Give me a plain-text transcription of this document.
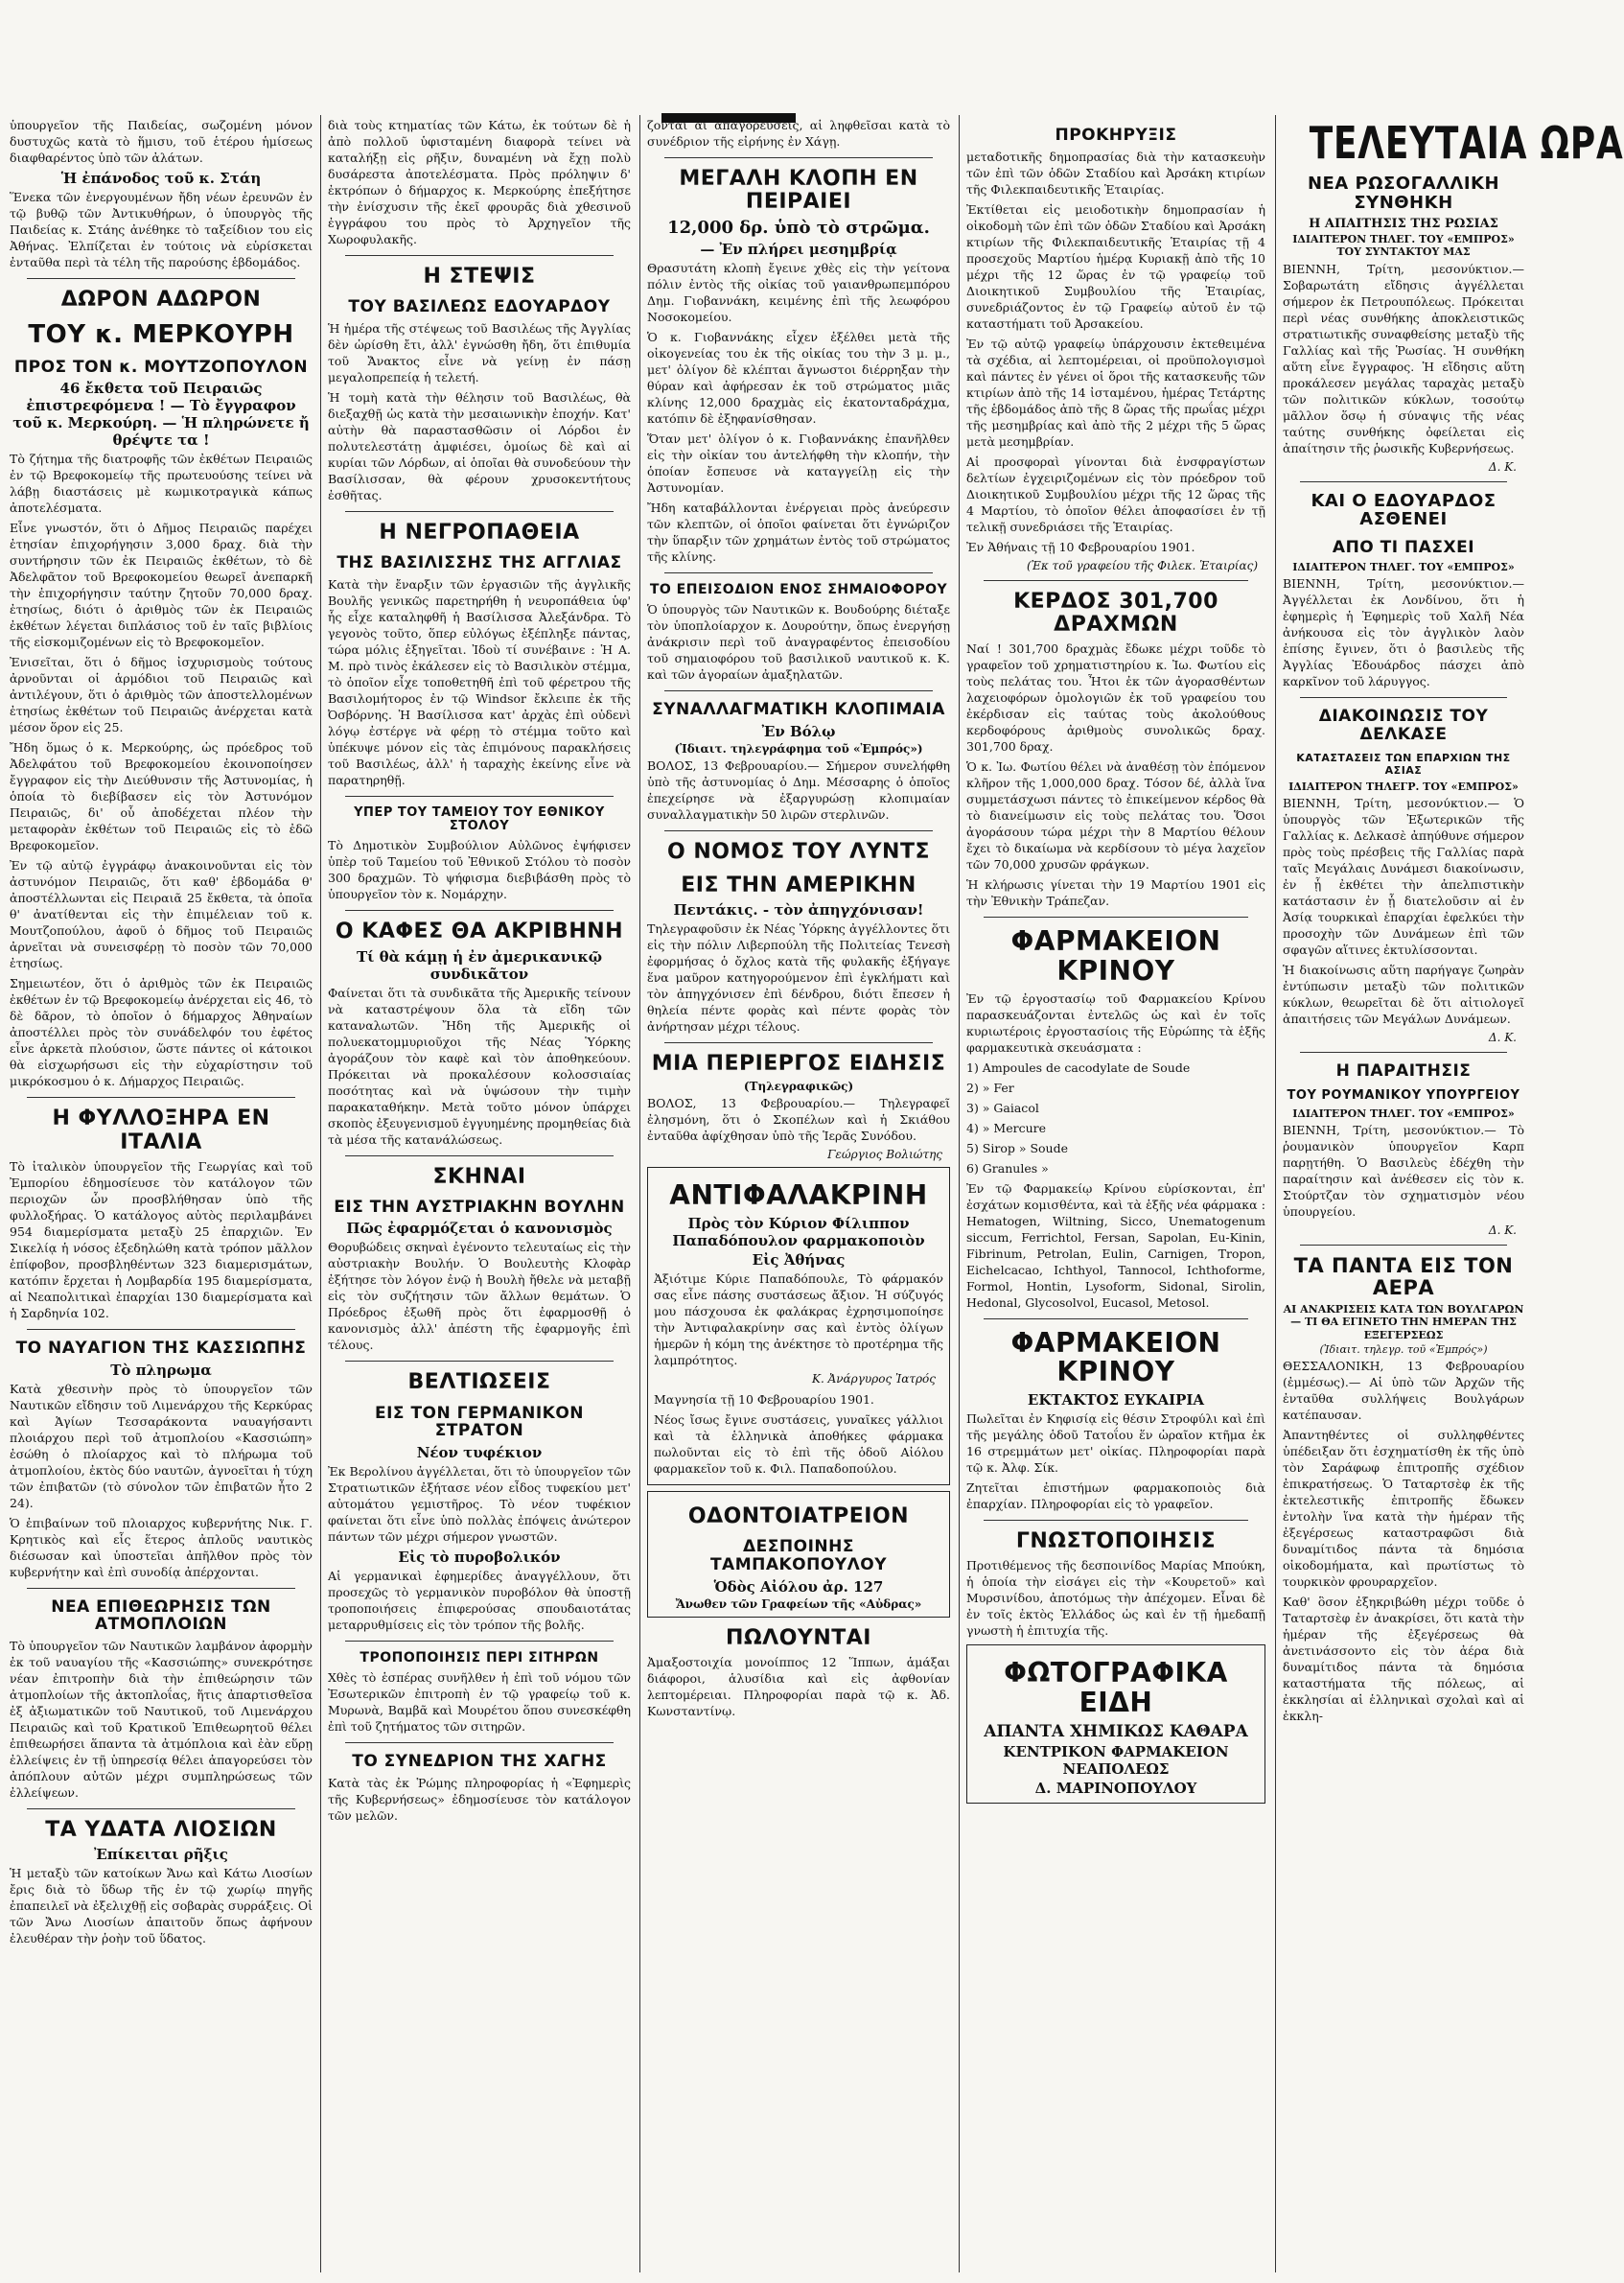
ὑπουργεῖον τῆς Παιδείας, σωζομένη μόνον δυστυχῶς κατὰ τὸ ἥμισυ, τοῦ ἑτέρου ἡμίσεως διαφθαρέντος ὑπὸ τῶν ἀλάτων.

Ἡ ἐπάνοδος τοῦ κ. Στάη

Ἕνεκα τῶν ἐνεργουμένων ἤδη νέων ἐρευνῶν ἐν τῷ βυθῷ τῶν Ἀντικυθήρων, ὁ ὑπουργὸς τῆς Παιδείας κ. Στάης ἀνέθηκε τὸ ταξείδιον του εἰς Ἀθήνας. Ἐλπίζεται ἐν τούτοις νὰ εὑρίσκεται ἐνταῦθα περὶ τὰ τέλη τῆς παρούσης ἑβδομάδος.

ΔΩΡΟΝ ΑΔΩΡΟΝ
ΤΟΥ κ. ΜΕΡΚΟΥΡΗ
ΠΡΟΣ ΤΟΝ κ. ΜΟΥΤΖΟΠΟΥΛΟΝ
46 ἔκθετα τοῦ Πειραιῶς ἐπιστρεφόμενα ! — Τὸ ἔγγραφον τοῦ κ. Μερκούρη. — Ἡ πληρώνετε ἤ θρέψτε τα !

Τὸ ζήτημα τῆς διατροφῆς τῶν ἐκθέτων Πειραιῶς ἐν τῷ Βρεφοκομείῳ τῆς πρωτευούσης τείνει νὰ λάβῃ διαστάσεις μὲ κωμικοτραγικὰ κάπως ἀποτελέσματα.

Εἶνε γνωστόν, ὅτι ὁ Δῆμος Πειραιῶς παρέχει ἐτησίαν ἐπιχορήγησιν 3,000 δραχ. διὰ τὴν συντήρησιν τῶν ἐκ Πειραιῶς ἐκθέτων, τὸ δὲ Ἀδελφᾶτον τοῦ Βρεφοκομείου θεωρεῖ ἀνεπαρκῆ τὴν ἐπιχορήγησιν ταύτην ζητοῦν 70,000 δραχ. ἐτησίως, διότι ὁ ἀριθμὸς τῶν ἐκ Πειραιῶς ἐκθέτων λέγεται διπλάσιος τοῦ ἐν ταῖς βιβλίοις τῆς εἰσκομιζομένων εἰς τὸ Βρεφοκομεῖον.

Ἐνισεῖται, ὅτι ὁ δῆμος ἰσχυρισμοὺς τούτους ἀρνοῦνται οἱ ἁρμόδιοι τοῦ Πειραιῶς καὶ ἀντιλέγουν, ὅτι ὁ ἀριθμὸς τῶν ἀποστελλομένων ἐτησίως ἐκθέτων τοῦ Πειραιῶς ἀνέρχεται κατὰ μέσον ὅρον εἰς 25.

Ἤδη ὅμως ὁ κ. Μερκούρης, ὡς πρόεδρος τοῦ Ἀδελφάτου τοῦ Βρεφοκομείου ἐκοινοποίησεν ἔγγραφον εἰς τὴν Διεύθυνσιν τῆς Ἀστυνομίας, ἡ ὁποία τὸ διεβίβασεν εἰς τὸν Ἀστυνόμον Πειραιῶς, δι' οὗ ἀποδέχεται πλέον τὴν μεταφορὰν ἐκθέτων τοῦ Πειραιῶς εἰς τὸ ἐδῶ Βρεφοκομεῖον.

Ἐν τῷ αὐτῷ ἐγγράφῳ ἀνακοινοῦνται εἰς τὸν ἀστυνόμον Πειραιῶς, ὅτι καθ' ἑβδομάδα θ' ἀποστέλλωνται εἰς Πειραιᾶ 25 ἔκθετα, τὰ ὁποῖα θ' ἀνατίθενται εἰς τὴν ἐπιμέλειαν τοῦ κ. Μουτζοπούλου, ἀφοῦ ὁ δῆμος τοῦ Πειραιῶς ἀρνεῖται νὰ συνεισφέρῃ τὸ ποσὸν τῶν 70,000 ἐτησίως.

Σημειωτέον, ὅτι ὁ ἀριθμὸς τῶν ἐκ Πειραιῶς ἐκθέτων ἐν τῷ Βρεφοκομείῳ ἀνέρχεται εἰς 46, τὸ δὲ δᾶρον, τὸ ὁποῖον ὁ δήμαρχος Ἀθηναίων ἀποστέλλει πρὸς τὸν συνάδελφόν του ἐφέτος εἶνε ἀρκετὰ πλούσιον, ὥστε πάντες οἱ κάτοικοι θὰ εἰσχωρήσωσι εἰς τὴν εὐχαρίστησιν τοῦ μικρόκοσμου ὁ κ. Δήμαρχος Πειραιῶς.

Η ΦΥΛΛΟΞΗΡΑ ΕΝ ΙΤΑΛΙΑ

Τὸ ἰταλικὸν ὑπουργεῖον τῆς Γεωργίας καὶ τοῦ Ἐμπορίου ἐδημοσίευσε τὸν κατάλογον τῶν περιοχῶν ὧν προσβλήθησαν ὑπὸ τῆς φυλλοξήρας. Ὁ κατάλογος αὐτὸς περιλαμβάνει 954 διαμερίσματα μεταξὺ 25 ἐπαρχιῶν. Ἐν Σικελίᾳ ἡ νόσος ἐξεδηλώθη κατὰ τρόπον μᾶλλον ἐπίφοβον, προσβληθέντων 323 διαμερισμάτων, κατόπιν ἔρχεται ἡ Λομβαρδία 195 διαμερίσματα, αἱ Νεαπολιτικαὶ ἐπαρχίαι 130 διαμερίσματα καὶ ἡ Σαρδηνία 102.

ΤΟ ΝΑΥΑΓΙΟΝ ΤΗΣ ΚΑΣΣΙΩΠΗΣ
Τὸ πληρωμα

Κατὰ χθεσινὴν πρὸς τὸ ὑπουργεῖον τῶν Ναυτικῶν εἴδησιν τοῦ Λιμενάρχου τῆς Κερκύρας καὶ Ἁγίων Τεσσαράκοντα ναυαγήσαντι πλοιάρχου περὶ τοῦ ἀτμοπλοίου «Κασσιώπη» ἐσώθη ὁ πλοίαρχος καὶ τὸ πλήρωμα τοῦ ἀτμοπλοίου, ἐκτὸς δύο ναυτῶν, ἀγνοεῖται ἡ τύχη τῶν ἐπιβατῶν (τὸ σύνολον τῶν ἐπιβατῶν ἦτο 2 24).

Ὁ ἐπιβαίνων τοῦ πλοιαρχος κυβερνήτης Νικ. Γ. Κρητικὸς καὶ εἷς ἕτερος ἀπλοῦς ναυτικὸς διέσωσαν καὶ ὑποστεῖαι ἀπῆλθον πρὸς τὸν κυβερνήτην καὶ ἐπὶ συνοδίᾳ ἀπέρχονται.

ΝΕΑ ΕΠΙΘΕΩΡΗΣΙΣ ΤΩΝ ΑΤΜΟΠΛΟΙΩΝ

Τὸ ὑπουργεῖον τῶν Ναυτικῶν λαμβάνον ἀφορμὴν ἐκ τοῦ ναυαγίου τῆς «Κασσιώπης» συνεκρότησε νέαν ἐπιτροπὴν διὰ τὴν ἐπιθεώρησιν τῶν ἀτμοπλοίων τῆς ἀκτοπλοΐας, ἥτις ἀπαρτισθεῖσα ἐξ ἀξιωματικῶν τοῦ Ναυτικοῦ, τοῦ Λιμενάρχου Πειραιῶς καὶ τοῦ Κρατικοῦ Ἐπιθεωρητοῦ θέλει ἐπιθεωρήσει ἅπαντα τὰ ἀτμόπλοια καὶ ἐὰν εὕρῃ ἐλλείψεις ἐν τῇ ὑπηρεσίᾳ θέλει ἀπαγορεύσει τὸν ἀπόπλουν αὐτῶν μέχρι συμπληρώσεως τῶν ἐλλείψεων.

ΤΑ ΥΔΑΤΑ ΛΙΟΣΙΩΝ
Ἐπίκειται ρῆξις

Ἡ μεταξὺ τῶν κατοίκων Ἄνω καὶ Κάτω Λιοσίων ἔρις διὰ τὸ ὕδωρ τῆς ἐν τῷ χωρίῳ πηγῆς ἐπαπειλεῖ νὰ ἐξελιχθῇ εἰς σοβαρὰς συρράξεις. Οἱ τῶν Ἄνω Λιοσίων ἀπαιτοῦν ὅπως ἀφήνουν ἐλευθέραν τὴν ῥοὴν τοῦ ὕδατος.

διὰ τοὺς κτηματίας τῶν Κάτω, ἐκ τούτων δὲ ἡ ἀπὸ πολλοῦ ὑφισταμένη διαφορὰ τείνει νὰ καταλήξῃ εἰς ρῆξιν, δυναμένη νὰ ἔχῃ πολὺ δυσάρεστα ἀποτελέσματα. Πρὸς πρόληψιν δ' ἐκτρόπων ὁ δήμαρχος κ. Μερκούρης ἐπεξήτησε τὴν ἐνίσχυσιν τῆς ἐκεῖ φρουρᾶς διὰ χθεσινοῦ ἐγγράφου του πρὸς τὸ Ἀρχηγεῖον τῆς Χωροφυλακῆς.

Η ΣΤΕΨΙΣ
ΤΟΥ ΒΑΣΙΛΕΩΣ ΕΔΟΥΑΡΔΟΥ

Ἡ ἡμέρα τῆς στέψεως τοῦ Βασιλέως τῆς Ἀγγλίας δὲν ὡρίσθη ἔτι, ἀλλ' ἐγνώσθη ἤδη, ὅτι ἐπιθυμία τοῦ Ἄνακτος εἶνε νὰ γείνῃ ἐν πάσῃ μεγαλοπρεπείᾳ ἡ τελετή.

Ἡ τομὴ κατὰ τὴν θέλησιν τοῦ Βασιλέως, θὰ διεξαχθῇ ὡς κατὰ τὴν μεσαιωνικὴν ἐποχήν. Κατ' αὐτὴν θὰ παραστασθῶσιν οἱ Λόρδοι ἐν πολυτελεστάτῃ ἀμφιέσει, ὁμοίως δὲ καὶ αἱ κυρίαι τῶν Λόρδων, αἱ ὁποῖαι θὰ συνοδεύουν τὴν Βασίλισσαν, θὰ φέρουν χρυσοκεντήτους ἐσθῆτας.

Η ΝΕΓΡΟΠΑΘΕΙΑ
ΤΗΣ ΒΑΣΙΛΙΣΣΗΣ ΤΗΣ ΑΓΓΛΙΑΣ

Κατὰ τὴν ἔναρξιν τῶν ἐργασιῶν τῆς ἀγγλικῆς Βουλῆς γενικῶς παρετηρήθη ἡ νευροπάθεια ὑφ' ἧς εἶχε καταληφθῆ ἡ Βασίλισσα Ἀλεξάνδρα. Τὸ γεγονὸς τοῦτο, ὅπερ εὐλόγως ἐξέπληξε πάντας, τώρα μόλις ἐξηγεῖται. Ἰδοὺ τί συνέβαινε : Ἡ Α. Μ. πρὸ τινὸς ἐκάλεσεν εἰς τὸ Βασιλικὸν στέμμα, τὸ ὁποῖον εἶχε τοποθετηθῆ ἐπὶ τοῦ φέρετρου τῆς Βασιλομήτορος ἐν τῷ Windsor ἔκλειπε ἐκ τῆς Ὀσβόρνης. Ἡ Βασίλισσα κατ' ἀρχὰς ἐπὶ οὐδενὶ λόγῳ ἐστέργε νὰ φέρῃ τὸ στέμμα τοῦτο καὶ ὑπέκυψε μόνον εἰς τὰς ἐπιμόνους παρακλήσεις τοῦ Βασιλέως, ἀλλ' ἡ ταραχὴς ἐκείνης εἶνε νὰ παρατηρηθῇ.

ΥΠΕΡ ΤΟΥ ΤΑΜΕΙΟΥ ΤΟΥ ΕΘΝΙΚΟΥ ΣΤΟΛΟΥ

Τὸ Δημοτικὸν Συμβούλιον Αὐλῶνος ἐψήφισεν ὑπὲρ τοῦ Ταμείου τοῦ Ἐθνικοῦ Στόλου τὸ ποσὸν 300 δραχμῶν. Τὸ ψήφισμα διεβιβάσθη πρὸς τὸ ὑπουργεῖον τὸν κ. Νομάρχην.

Ο ΚΑΦΕΣ ΘΑ ΑΚΡΙΒΗΝΗ
Τί θὰ κάμῃ ἡ ἐν ἀμερικανικῷ συνδικᾶτον

Φαίνεται ὅτι τὰ συνδικᾶτα τῆς Ἀμερικῆς τείνουν νὰ καταστρέψουν ὅλα τὰ εἴδη τῶν καταναλωτῶν. Ἤδη τῆς Ἀμερικῆς οἱ πολυεκατομμυριοῦχοι τῆς Νέας Ὑόρκης ἀγοράζουν τὸν καφὲ καὶ τὸν ἀποθηκεύουν. Πρόκειται νὰ προκαλέσουν κολοσσιαίας ποσότητας καὶ νὰ ὑψώσουν τὴν τιμὴν παρακαταθήκην. Μετὰ τοῦτο μόνον ὑπάρχει σκοπὸς ἐξευγενισμοῦ ἐγγυημένης προμηθείας διὰ τὰ μέσα τῆς κατανάλώσεως.

ΣΚΗΝΑΙ
ΕΙΣ ΤΗΝ ΑΥΣΤΡΙΑΚΗΝ ΒΟΥΛΗΝ
Πῶς ἐφαρμόζεται ὁ κανονισμὸς

Θορυβώδεις σκηναὶ ἐγένοντο τελευταίως εἰς τὴν αὐστριακὴν Βουλήν. Ὁ Βουλευτὴς Κλοφὰρ ἐξήτησε τὸν λόγον ἐνῷ ἡ Βουλὴ ἤθελε νὰ μεταβῇ εἰς τὸν συζήτησιν τῶν ἄλλων θεμάτων. Ὁ Πρόεδρος ἐξωθῆ πρὸς ὅτι ἐφαρμοσθῇ ὁ κανονισμὸς ἀλλ' ἀπέστη τῆς ἐφαρμογῆς ἐπὶ τέλους.

ΒΕΛΤΙΩΣΕΙΣ
ΕΙΣ ΤΟΝ ΓΕΡΜΑΝΙΚΟΝ ΣΤΡΑΤΟΝ
Νέον τυφέκιον

Ἐκ Βερολίνου ἀγγέλλεται, ὅτι τὸ ὑπουργεῖον τῶν Στρατιωτικῶν ἐξήτασε νέον εἶδος τυφεκίου μετ' αὐτομάτου γεμιστῆρος. Τὸ νέον τυφέκιον φαίνεται ὅτι εἶνε ὑπὸ πολλὰς ἐπόψεις ἀνώτερον πάντων τῶν μέχρι σήμερον γνωστῶν.

Εἰς τὸ πυροβολικόν

Αἱ γερμανικαὶ ἐφημερίδες ἀναγγέλλουν, ὅτι προσεχῶς τὸ γερμανικὸν πυροβόλον θὰ ὑποστῇ τροποποιήσεις ἐπιφερούσας σπουδαιοτάτας μεταρρυθμίσεις εἰς τὸν τρόπον τῆς βολῆς.

ΤΡΟΠΟΠΟΙΗΣΙΣ ΠΕΡΙ ΣΙΤΗΡΩΝ

Χθὲς τὸ ἑσπέρας συνῆλθεν ἡ ἐπὶ τοῦ νόμου τῶν Ἐσωτερικῶν ἐπιτροπὴ ἐν τῷ γραφείῳ τοῦ κ. Μυρωνὰ, Βαμβᾶ καὶ Μουρέτου ὅπου συνεσκέφθη ἐπὶ τοῦ ζητήματος τῶν σιτηρῶν.

ΤΟ ΣΥΝΕΔΡΙΟΝ ΤΗΣ ΧΑΓΗΣ

Κατὰ τὰς ἐκ Ῥώμης πληροφορίας ἡ «Ἐφημερὶς τῆς Κυβερνήσεως» ἐδημοσίευσε τὸν κατάλογον τῶν μελῶν.

ζονται αἱ ἀπαγορεύσεις, αἱ ληφθεῖσαι κατὰ τὸ συνέδριον τῆς εἰρήνης ἐν Χάγῃ.

ΜΕΓΑΛΗ ΚΛΟΠΗ ΕΝ ΠΕΙΡΑΙΕΙ
12,000 δρ. ὑπὸ τὸ στρῶμα.
— Ἐν πλήρει μεσημβρίᾳ

Θρασυτάτη κλοπὴ ἔγεινε χθὲς εἰς τὴν γείτονα πόλιν ἐντὸς τῆς οἰκίας τοῦ γαιανθρωπεμπόρου Δημ. Γιοβαννάκη, κειμένης ἐπὶ τῆς λεωφόρου Νοσοκομείου.

Ὁ κ. Γιοβαννάκης εἶχεν ἐξέλθει μετὰ τῆς οἰκογενείας του ἐκ τῆς οἰκίας του τὴν 3 μ. μ., μετ' ὀλίγον δὲ κλέπται ἄγνωστοι διέρρηξαν τὴν θύραν καὶ ἀφήρεσαν ἐκ τοῦ στρώματος μιᾶς κλίνης 12,000 δραχμὰς εἰς ἑκατονταδράχμα, κατόπιν δὲ ἐξηφανίσθησαν.

Ὅταν μετ' ὀλίγον ὁ κ. Γιοβαννάκης ἐπανῆλθεν εἰς τὴν οἰκίαν του ἀντελήφθη τὴν κλοπήν, τὴν ὁποίαν ἔσπευσε νὰ καταγγείλῃ εἰς τὴν Ἀστυνομίαν.

Ἤδη καταβάλλονται ἐνέργειαι πρὸς ἀνεύρεσιν τῶν κλεπτῶν, οἱ ὁποῖοι φαίνεται ὅτι ἐγνώριζον τὴν ὕπαρξιν τῶν χρημάτων ἐντὸς τοῦ στρώματος τῆς κλίνης.

ΤΟ ΕΠΕΙΣΟΔΙΟΝ ΕΝΟΣ ΣΗΜΑΙΟΦΟΡΟΥ

Ὁ ὑπουργὸς τῶν Ναυτικῶν κ. Βουδούρης διέταξε τὸν ὑποπλοίαρχον κ. Δουρούτην, ὅπως ἐνεργήσῃ ἀνάκρισιν περὶ τοῦ ἀναγραφέντος ἐπεισοδίου τοῦ σημαιοφόρου τοῦ βασιλικοῦ ναυτικοῦ κ. Κ. καὶ τῶν ἀγοραίων ἀμαξηλατῶν.

ΣΥΝΑΛΛΑΓΜΑΤΙΚΗ ΚΛΟΠΙΜΑΙΑ
Ἐν Βόλῳ
(Ἰδιαιτ. τηλεγράφημα τοῦ «Ἐμπρός»)

ΒΟΛΟΣ, 13 Φεβρουαρίου.— Σήμερον συνελήφθη ὑπὸ τῆς ἀστυνομίας ὁ Δημ. Μέσσαρης ὁ ὁποῖος ἐπεχείρησε νὰ ἐξαργυρώσῃ κλοπιμαίαν συναλλαγματικὴν 50 λιρῶν στερλινῶν.

Ο ΝΟΜΟΣ ΤΟΥ ΛΥΝΤΣ
ΕΙΣ ΤΗΝ ΑΜΕΡΙΚΗΝ
Πεντάκις. - τὸν ἀπηγχόνισαν!

Τηλεγραφοῦσιν ἐκ Νέας Ὑόρκης ἀγγέλλοντες ὅτι εἰς τὴν πόλιν Λιβερπούλη τῆς Πολιτείας Τενεσὴ ἐφορμήσας ὁ ὄχλος κατὰ τῆς φυλακῆς ἐξήγαγε ἕνα μαῦρον κατηγορούμενον ἐπὶ ἐγκλήματι καὶ τὸν ἀπηγχόνισεν ἐπὶ δένδρου, διότι ἔπεσεν ἡ θηλεία πέντε φορὰς καὶ πέντε φορὰς τὸν ἀνήρτησαν μέχρι τέλους.

ΜΙΑ ΠΕΡΙΕΡΓΟΣ ΕΙΔΗΣΙΣ
(Τηλεγραφικῶς)

ΒΟΛΟΣ, 13 Φεβρουαρίου.— Τηλεγραφεῖ ἐλησμόνη, ὅτι ὁ Σκοπέλων καὶ ἡ Σκιάθου ἐνταῦθα ἀφίχθησαν ὑπὸ τῆς Ἱερᾶς Συνόδου.

Γεώργιος Βολιώτης
ΑΝΤΙΦΑΛΑΚΡΙΝΗ
Πρὸς τὸν Κύριον Φίλιππον Παπαδόπουλον φαρμακοποιὸν
Εἰς Ἀθήνας

Ἀξιότιμε Κύριε Παπαδόπουλε, Τὸ φάρμακόν σας εἶνε πάσης συστάσεως ἄξιον. Ἡ σύζυγός μου πάσχουσα ἐκ φαλάκρας ἐχρησιμοποίησε τὴν Ἀντιφαλακρίνην σας καὶ ἐντὸς ὀλίγων ἡμερῶν ἡ κόμη της ἀνέκτησε τὸ προτέρημα τῆς λαμπρότητος.

Κ. Ἀνάργυρος Ἰατρός

Μαγνησία τῇ 10 Φεβρουαρίου 1901.

Νέος ἴσως ἔγινε συστάσεις, γυναῖκες γάλλιοι καὶ τὰ ἑλληνικὰ ἀποθήκες φάρμακα πωλοῦνται εἰς τὸ ἐπὶ τῆς ὁδοῦ Αἰόλου φαρμακεῖον τοῦ κ. Φιλ. Παπαδοπούλου.

ΟΔΟΝΤΟΙΑΤΡΕΙΟΝ
ΔΕΣΠΟΙΝΗΣ ΤΑΜΠΑΚΟΠΟΥΛΟΥ
Ὁδὸς Αἰόλου ἀρ. 127
Ἄνωθεν τῶν Γραφείων τῆς «Αὐδρας»
ΠΩΛΟΥΝΤΑΙ

Ἀμαξοστοιχία μονοίππος 12 Ἵππων, ἁμάξαι διάφοροι, ἁλυσίδια καὶ εἰς ἀφθονίαν λεπτομέρειαι. Πληροφορίαι παρὰ τῷ κ. Ἀδ. Κωνσταντίνῳ.

ΠΡΟΚΗΡΥΞΙΣ

μεταδοτικῆς δημοπρασίας διὰ τὴν κατασκευὴν τῶν ἐπὶ τῶν ὁδῶν Σταδίου καὶ Ἀρσάκη κτιρίων τῆς Φιλεκπαιδευτικῆς Ἑταιρίας.

Ἐκτίθεται εἰς μειοδοτικὴν δημοπρασίαν ἡ οἰκοδομὴ τῶν ἐπὶ τῶν ὁδῶν Σταδίου καὶ Ἀρσάκη κτιρίων τῆς Φιλεκπαιδευτικῆς Ἑταιρίας τῇ 4 προσεχοῦς Μαρτίου ἡμέρᾳ Κυριακῇ ἀπὸ τῆς 10 μέχρι τῆς 12 ὥρας ἐν τῷ γραφείῳ τοῦ Διοικητικοῦ Συμβουλίου τῆς Ἑταιρίας, συνεδριάζοντος ἐν τῷ Γραφείῳ αὐτοῦ ἐν τῷ καταστήματι τοῦ Ἀρσακείου.

Ἐν τῷ αὐτῷ γραφείῳ ὑπάρχουσιν ἐκτεθειμένα τὰ σχέδια, αἱ λεπτομέρειαι, οἱ προϋπολογισμοὶ καὶ πάντες ἐν γένει οἱ ὅροι τῆς κατασκευῆς τῶν κτιρίων ἀπὸ τῆς 14 ἰσταμένου, ἡμέρας Τετάρτης τῆς ἑβδομάδος ἀπὸ τῆς 8 ὥρας τῆς πρωΐας μέχρι τῆς μεσημβρίας καὶ ἀπὸ τῆς 2 μέχρι τῆς 5 ὥρας μετὰ μεσημβρίαν.

Αἱ προσφοραὶ γίνονται διὰ ἐνσφραγίστων δελτίων ἐγχειριζομένων εἰς τὸν πρόεδρον τοῦ Διοικητικοῦ Συμβουλίου μέχρι τῆς 12 ὥρας τῆς 4 Μαρτίου, τὸ ὁποῖον θέλει ἀποφασίσει ἐν τῇ τελικῇ συνεδριάσει τῆς Ἑταιρίας.

Ἐν Ἀθήναις τῇ 10 Φεβρουαρίου 1901.

(Ἐκ τοῦ γραφείου τῆς Φιλεκ. Ἑταιρίας)
ΚΕΡΔΟΣ 301,700 ΔΡΑΧΜΩΝ

Ναί ! 301,700 δραχμὰς ἔδωκε μέχρι τοῦδε τὸ γραφεῖον τοῦ χρηματιστηρίου κ. Ἰω. Φωτίου εἰς τοὺς πελάτας του. Ἦτοι ἐκ τῶν ἀγορασθέντων λαχειοφόρων ὁμολογιῶν ἐκ τοῦ γραφείου του ἐκέρδισαν εἰς ταύτας τοὺς ἀκολούθους κερδοφόρους ἀριθμοὺς συνολικῶς δραχ. 301,700 δραχ.

Ὁ κ. Ἰω. Φωτίου θέλει νὰ ἀναθέσῃ τὸν ἐπόμενον κλῆρον τῆς 1,000,000 δραχ. Τόσον δέ, ἀλλὰ ἵνα συμμετάσχωσι πάντες τὸ ἐπικείμενον κέρδος θὰ τὸ διανείμωσιν εἰς τοὺς πελάτας του. Ὅσοι ἀγοράσουν τώρα μέχρι τὴν 8 Μαρτίου θέλουν ἔχει τὸ δικαίωμα νὰ κερδίσουν τὸ μέγα λαχεῖον τῶν 70,000 χρυσῶν φράγκων.

Ἡ κλήρωσις γίνεται τὴν 19 Μαρτίου 1901 εἰς τὴν Ἐθνικὴν Τράπεζαν.

ΦΑΡΜΑΚΕΙΟΝ ΚΡΙΝΟΥ

Ἐν τῷ ἐργοστασίῳ τοῦ Φαρμακείου Κρίνου παρασκευάζονται ἐντελῶς ὡς καὶ ἐν τοῖς κυριωτέροις ἐργοστασίοις τῆς Εὐρώπης τὰ ἑξῆς φαρμακευτικὰ σκευάσματα :

1) Ampoules de cacodylate de Soude
2) » Fer
3) » Gaiacol
4) » Mercure
5) Sirop » Soude
6) Granules »

Ἐν τῷ Φαρμακείῳ Κρίνου εὑρίσκονται, ἐπ' ἐσχάτων κομισθέντα, καὶ τὰ ἑξῆς νέα φάρμακα : Hematogen, Wiltning, Sicco, Unematogenum siccum, Ferrichtol, Fersan, Sapolan, Eu-Kinin, Fibrinum, Petrolan, Eulin, Carnigen, Tropon, Eichelcacao, Ichthyol, Tannocol, Ichthoforme, Formol, Hontin, Lysoform, Sidonal, Sirolin, Hedonal, Glycosolvol, Eucasol, Metosol.

ΦΑΡΜΑΚΕΙΟΝ ΚΡΙΝΟΥ
ΕΚΤΑΚΤΟΣ ΕΥΚΑΙΡΙΑ

Πωλεῖται ἐν Κηφισίᾳ εἰς θέσιν Στροφύλι καὶ ἐπὶ τῆς μεγάλης ὁδοῦ Τατοΐου ἕν ὡραῖον κτῆμα ἐκ 16 στρεμμάτων μετ' οἰκίας. Πληροφορίαι παρὰ τῷ κ. Ἀλφ. Σίκ.

Ζητεῖται ἐπιστήμων φαρμακοποιὸς διὰ ἐπαρχίαν. Πληροφορίαι εἰς τὸ γραφεῖον.

ΓΝΩΣΤΟΠΟΙΗΣΙΣ

Προτιθέμενος τῆς δεσποινίδος Μαρίας Μπούκη, ἡ ὁποία τὴν εἰσάγει εἰς τὴν «Κουρετοῦ» καὶ Μυρσινίδου, ἀποτόμως τὴν ἀπέχομεν. Εἶναι δὲ ἐν τοῖς ἐκτὸς Ἑλλάδος ὡς καὶ ἐν τῇ ἡμεδαπῇ γνωστὴ ἡ ἐπιτυχία τῆς.

ΦΩΤΟΓΡΑΦΙΚΑ ΕΙΔΗ
ΑΠΑΝΤΑ ΧΗΜΙΚΩΣ ΚΑΘΑΡΑ
ΚΕΝΤΡΙΚΟΝ ΦΑΡΜΑΚΕΙΟΝ ΝΕΑΠΟΛΕΩΣ
Δ. ΜΑΡΙΝΟΠΟΥΛΟΥ
ΤΕΛΕΥΤΑΙΑ ΩΡΑ
ΝΕΑ ΡΩΣΟΓΑΛΛΙΚΗ ΣΥΝΘΗΚΗ
Η ΑΠΑΙΤΗΣΙΣ ΤΗΣ ΡΩΣΙΑΣ
ΙΔΙΑΙΤΕΡΟΝ ΤΗΛΕΓ. ΤΟΥ «ΕΜΠΡΟΣ» ΤΟΥ ΣΥΝΤΑΚΤΟΥ ΜΑΣ

ΒΙΕΝΝΗ, Τρίτη, μεσονύκτιον.— Σοβαρωτάτη εἴδησις ἀγγέλλεται σήμερον ἐκ Πετρουπόλεως. Πρόκειται περὶ νέας συνθήκης ἀποκλειστικῶς στρατιωτικῆς συναφθείσης μεταξὺ τῆς Γαλλίας καὶ τῆς Ῥωσίας. Ἡ συνθήκη αὕτη εἶνε ἔγγραφος. Ἡ εἴδησις αὕτη προκάλεσεν μεγάλας ταραχὰς μεταξὺ τῶν πολιτικῶν κύκλων, τοσούτῳ μᾶλλον ὅσῳ ἡ σύναψις τῆς νέας ταύτης συνθήκης ὀφείλεται εἰς ἀπαίτησιν τῆς ῥωσικῆς Κυβερνήσεως.

Δ. Κ.
ΚΑΙ Ο ΕΔΟΥΑΡΔΟΣ ΑΣΘΕΝΕΙ
ΑΠΟ ΤΙ ΠΑΣΧΕΙ
ΙΔΙΑΙΤΕΡΟΝ ΤΗΛΕΓ. ΤΟΥ «ΕΜΠΡΟΣ»

ΒΙΕΝΝΗ, Τρίτη, μεσονύκτιον.— Ἀγγέλλεται ἐκ Λονδίνου, ὅτι ἡ ἐφημερὶς ἡ Ἐφημερὶς τοῦ Χαλῆ Νέα ἀνήκουσα εἰς τὸν ἀγγλικὸν λαὸν ἐπίσης ἔγινεν, ὅτι ὁ βασιλεὺς τῆς Ἀγγλίας Ἐδουάρδος πάσχει ἀπὸ καρκῖνον τοῦ λάρυγγος.

ΔΙΑΚΟΙΝΩΣΙΣ ΤΟΥ ΔΕΛΚΑΣΕ
ΚΑΤΑΣΤΑΣΕΙΣ ΤΩΝ ΕΠΑΡΧΙΩΝ ΤΗΣ ΑΣΙΑΣ
ΙΔΙΑΙΤΕΡΟΝ ΤΗΛΕΓΡ. ΤΟΥ «ΕΜΠΡΟΣ»

ΒΙΕΝΝΗ, Τρίτη, μεσονύκτιον.— Ὁ ὑπουργὸς τῶν Ἐξωτερικῶν τῆς Γαλλίας κ. Δελκασὲ ἀπηύθυνε σήμερον πρὸς τοὺς πρέσβεις τῆς Γαλλίας παρὰ ταῖς Μεγάλαις Δυνάμεσι διακοίνωσιν, ἐν ᾗ ἐκθέτει τὴν ἀπελπιστικὴν κατάστασιν ἐν ᾗ διατελοῦσιν αἱ ἐν Ἀσίᾳ τουρκικαὶ ἐπαρχίαι ἐφελκύει τὴν προσοχὴν τῶν Δυνάμεων ἐπὶ τῶν σφαγῶν αἵτινες ἐκτυλίσσονται.

Ἡ διακοίνωσις αὕτη παρήγαγε ζωηρὰν ἐντύπωσιν μεταξὺ τῶν πολιτικῶν κύκλων, θεωρεῖται δὲ ὅτι αἰτιολογεῖ ἀπαιτήσεις τῶν Μεγάλων Δυνάμεων.

Δ. Κ.
Η ΠΑΡΑΙΤΗΣΙΣ
ΤΟΥ ΡΟΥΜΑΝΙΚΟΥ ΥΠΟΥΡΓΕΙΟΥ
ΙΔΙΑΙΤΕΡΟΝ ΤΗΛΕΓ. ΤΟΥ «ΕΜΠΡΟΣ»

ΒΙΕΝΝΗ, Τρίτη, μεσονύκτιον.— Τὸ ῥουμανικὸν ὑπουργεῖον Καρπ παρῃτήθη. Ὁ Βασιλεὺς ἐδέχθη τὴν παραίτησιν καὶ ἀνέθεσεν εἰς τὸν κ. Στούρτζαν τὸν σχηματισμὸν νέου ὑπουργείου.

Δ. Κ.
ΤΑ ΠΑΝΤΑ ΕΙΣ ΤΟΝ ΑΕΡΑ
ΑΙ ΑΝΑΚΡΙΣΕΙΣ ΚΑΤΑ ΤΩΝ ΒΟΥΛΓΑΡΩΝ — ΤΙ ΘΑ ΕΓΙΝΕΤΟ ΤΗΝ ΗΜΕΡΑΝ ΤΗΣ ΕΞΕΓΕΡΣΕΩΣ
(Ἰδιαιτ. τηλεγρ. τοῦ «Ἐμπρός»)

ΘΕΣΣΑΛΟΝΙΚΗ, 13 Φεβρουαρίου (ἐμμέσως).— Αἱ ὑπὸ τῶν Ἀρχῶν τῆς ἐνταῦθα συλλήψεις Βουλγάρων κατέπαυσαν.

Ἀπαντηθέντες οἱ συλληφθέντες ὑπέδειξαν ὅτι ἐσχηματίσθη ἐκ τῆς ὑπὸ τὸν Σαράφωφ ἐπιτροπῆς σχέδιον ἐπικρατήσεως. Ὁ Ταταρτσὲφ ἐκ τῆς ἐκτελεστικῆς ἐπιτροπῆς ἔδωκεν ἐντολὴν ἵνα κατὰ τὴν ἡμέραν τῆς ἐξεγέρσεως καταστραφῶσι διὰ δυναμίτιδος πάντα τὰ δημόσια οἰκοδομήματα, καὶ πρωτίστως τὸ τουρκικὸν φρουραρχεῖον.

Καθ' ὃσον ἐξηκριβώθη μέχρι τοῦδε ὁ Ταταρτσὲφ ἐν ἀνακρίσει, ὅτι κατὰ τὴν ἡμέραν τῆς ἐξεγέρσεως θὰ ἀνετινάσσοντο εἰς τὸν ἀέρα διὰ δυναμίτιδος πάντα τὰ δημόσια καταστήματα τῆς πόλεως, αἱ ἐκκλησίαι αἱ ἑλληνικαὶ σχολαὶ καὶ αἱ ἐκκλη-
